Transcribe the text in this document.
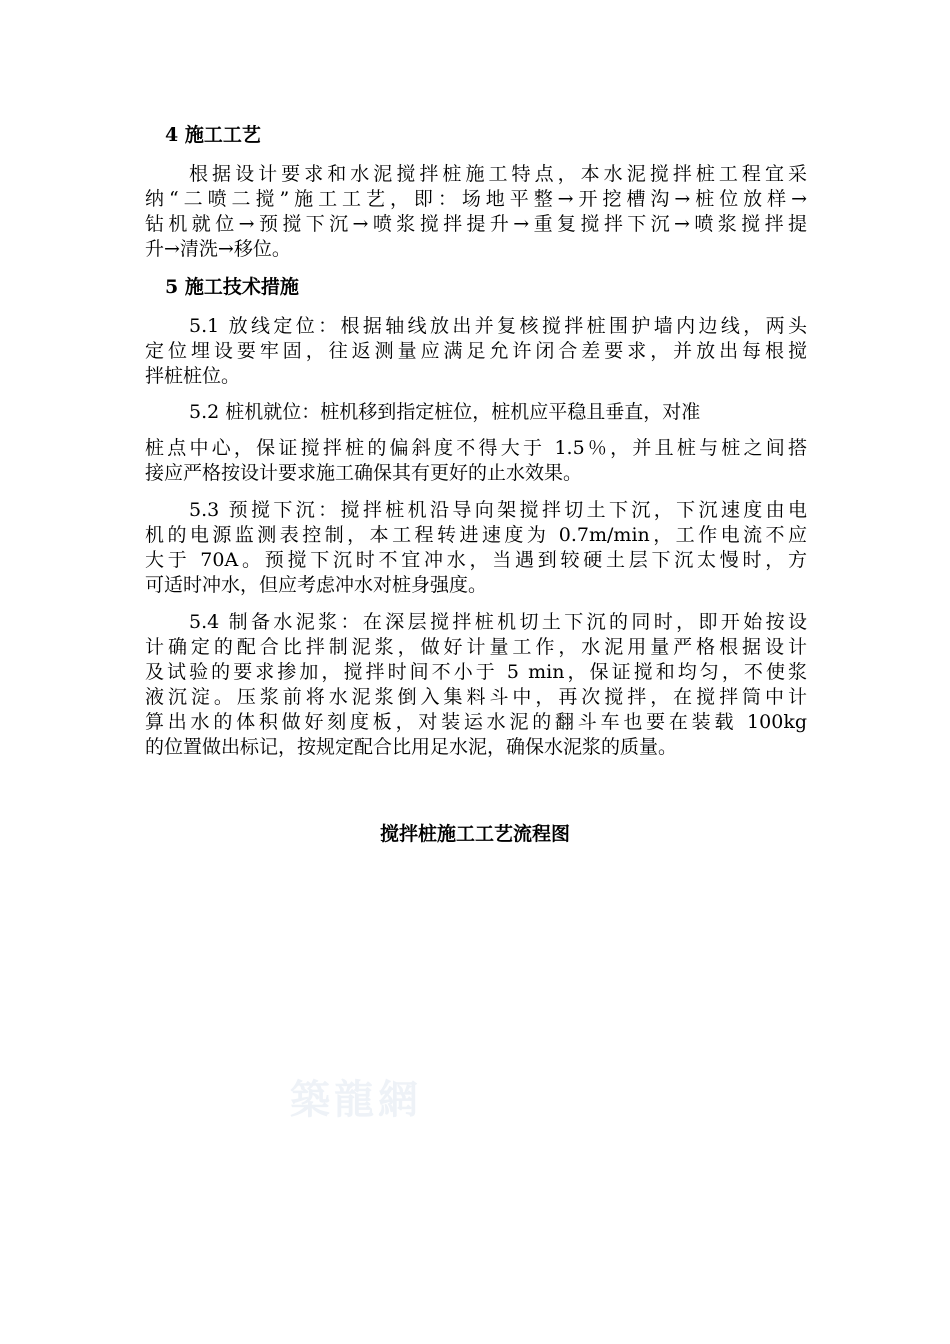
4 施工工艺
根据设计要求和水泥搅拌桩施工特点，本水泥搅拌桩工程宜采
纳“二喷二搅”施工工艺，即：场地平整→开挖槽沟→桩位放样→
钻机就位→预搅下沉→喷浆搅拌提升→重复搅拌下沉→喷浆搅拌提
升→清洗→移位。
5 施工技术措施
5.1 放线定位：根据轴线放出并复核搅拌桩围护墙内边线，两头
定位埋设要牢固，往返测量应满足允许闭合差要求，并放出每根搅
拌桩桩位。
5.2 桩机就位：桩机移到指定桩位，桩机应平稳且垂直，对准
桩点中心，保证搅拌桩的偏斜度不得大于 1.5％，并且桩与桩之间搭
接应严格按设计要求施工确保其有更好的止水效果。
5.3 预搅下沉：搅拌桩机沿导向架搅拌切土下沉，下沉速度由电
机的电源监测表控制，本工程转进速度为 0.7m/min，工作电流不应
大于 70A。预搅下沉时不宜冲水，当遇到较硬土层下沉太慢时，方
可适时冲水，但应考虑冲水对桩身强度。
5.4 制备水泥浆：在深层搅拌桩机切土下沉的同时，即开始按设
计确定的配合比拌制泥浆，做好计量工作，水泥用量严格根据设计
及试验的要求掺加，搅拌时间不小于 5 min，保证搅和均匀，不使浆
液沉淀。压浆前将水泥浆倒入集料斗中，再次搅拌，在搅拌筒中计
算出水的体积做好刻度板，对装运水泥的翻斗车也要在装载 100kg
的位置做出标记，按规定配合比用足水泥，确保水泥浆的质量。
搅拌桩施工工艺流程图
築龍網
